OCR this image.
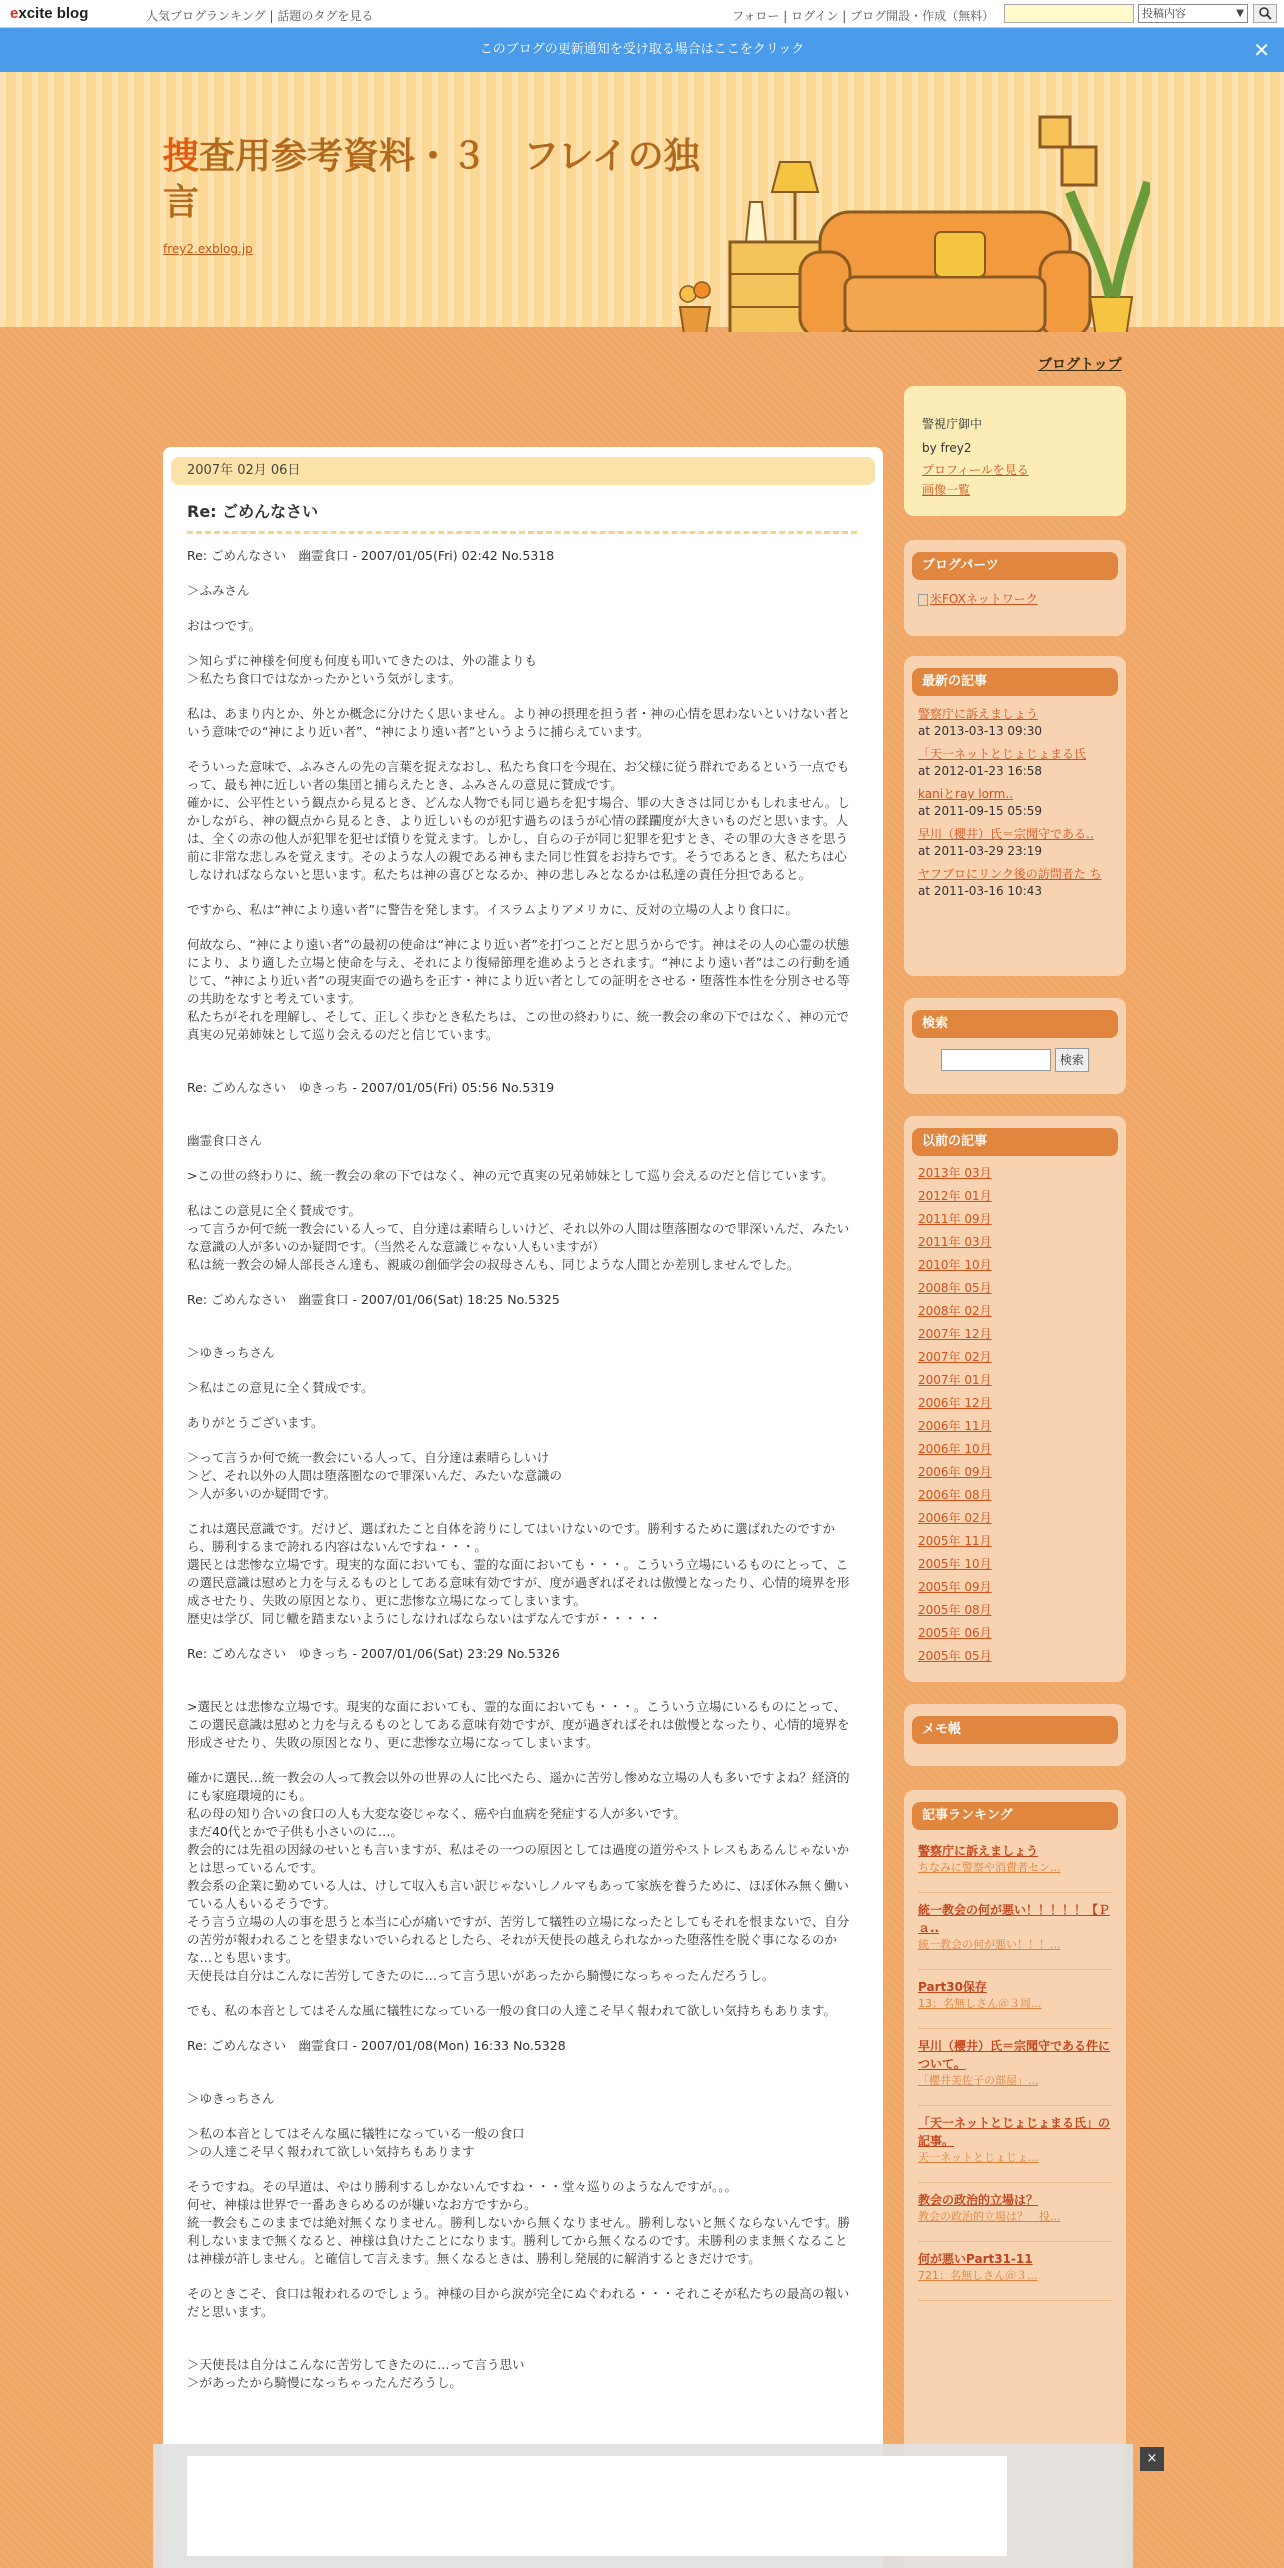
excite blog	人気ブログランキング | 話題のタグを見る	フォロー | ログイン | ブログ開設・作成（無料）	投稿内容	▼
このブログの更新通知を受け取る場合はここをクリック	✕
捜査用参考資料・３　フレイの独言
frey2.exblog.jp
ブログトップ
2007年 02月 06日
Re: ごめんなさい

Re: ごめんなさい　幽霊食口 - 2007/01/05(Fri) 02:42 No.5318

＞ふみさん

おはつです。

＞知らずに神様を何度も何度も叩いてきたのは、外の誰よりも
＞私たち食口ではなかったかという気がします。

私は、あまり内とか、外とか概念に分けたく思いません。より神の摂理を担う者・神の心情を思わないといけない者という意味での“神により近い者”、“神により遠い者”というように捕らえています。

そういった意味で、ふみさんの先の言葉を捉えなおし、私たち食口を今現在、お父様に従う群れであるという一点でもって、最も神に近しい者の集団と捕らえたとき、ふみさんの意見に賛成です。
確かに、公平性という観点から見るとき、どんな人物でも同じ過ちを犯す場合、罪の大きさは同じかもしれません。しかしながら、神の観点から見るとき、より近しいものが犯す過ちのほうが心情の蹂躙度が大きいものだと思います。人は、全くの赤の他人が犯罪を犯せば憤りを覚えます。しかし、自らの子が同じ犯罪を犯すとき、その罪の大きさを思う前に非常な悲しみを覚えます。そのような人の親である神もまた同じ性質をお持ちです。そうであるとき、私たちは心しなければならないと思います。私たちは神の喜びとなるか、神の悲しみとなるかは私達の責任分担であると。

ですから、私は“神により遠い者”に警告を発します。イスラムよりアメリカに、反対の立場の人より食口に。

何故なら、“神により遠い者”の最初の使命は“神により近い者”を打つことだと思うからです。神はその人の心霊の状態により、より適した立場と使命を与え、それにより復帰節理を進めようとされます。“神により遠い者”はこの行動を通じて、“神により近い者”の現実面での過ちを正す・神により近い者としての証明をさせる・堕落性本性を分別させる等の共助をなすと考えています。
私たちがそれを理解し、そして、正しく歩むとき私たちは、この世の終わりに、統一教会の傘の下ではなく、神の元で真実の兄弟姉妹として巡り会えるのだと信じています。

Re: ごめんなさい　ゆきっち - 2007/01/05(Fri) 05:56 No.5319

幽霊食口さん

>この世の終わりに、統一教会の傘の下ではなく、神の元で真実の兄弟姉妹として巡り会えるのだと信じています。

私はこの意見に全く賛成です。
って言うか何で統一教会にいる人って、自分達は素晴らしいけど、それ以外の人間は堕落圏なので罪深いんだ、みたいな意識の人が多いのか疑問です。（当然そんな意識じゃない人もいますが）
私は統一教会の婦人部長さん達も、親戚の創価学会の叔母さんも、同じような人間とか差別しませんでした。

Re: ごめんなさい　幽霊食口 - 2007/01/06(Sat) 18:25 No.5325

＞ゆきっちさん

＞私はこの意見に全く賛成です。

ありがとうございます。

＞って言うか何で統一教会にいる人って、自分達は素晴らしいけ
＞ど、それ以外の人間は堕落圏なので罪深いんだ、みたいな意識の
＞人が多いのか疑問です。

これは選民意識です。だけど、選ばれたこと自体を誇りにしてはいけないのです。勝利するために選ばれたのですから、勝利するまで誇れる内容はないんですね・・・。
選民とは悲惨な立場です。現実的な面においても、霊的な面においても・・・。こういう立場にいるものにとって、この選民意識は慰めと力を与えるものとしてある意味有効ですが、度が過ぎればそれは傲慢となったり、心情的境界を形成させたり、失敗の原因となり、更に悲惨な立場になってしまいます。
歴史は学び、同じ轍を踏まないようにしなければならないはずなんですが・・・・・

Re: ごめんなさい　ゆきっち - 2007/01/06(Sat) 23:29 No.5326

>選民とは悲惨な立場です。現実的な面においても、霊的な面においても・・・。こういう立場にいるものにとって、この選民意識は慰めと力を与えるものとしてある意味有効ですが、度が過ぎればそれは傲慢となったり、心情的境界を形成させたり、失敗の原因となり、更に悲惨な立場になってしまいます。

確かに選民…統一教会の人って教会以外の世界の人に比べたら、遥かに苦労し惨めな立場の人も多いですよね？経済的にも家庭環境的にも。
私の母の知り合いの食口の人も大変な姿じゃなく、癌や白血病を発症する人が多いです。
まだ40代とかで子供も小さいのに…。
教会的には先祖の因縁のせいとも言いますが、私はその一つの原因としては過度の道労やストレスもあるんじゃないかとは思っているんです。
教会系の企業に勤めている人は、けして収入も言い訳じゃないしノルマもあって家族を養うために、ほぼ休み無く働いている人もいるそうです。
そう言う立場の人の事を思うと本当に心が痛いですが、苦労して犠牲の立場になったとしてもそれを恨まないで、自分の苦労が報われることを望まないでいられるとしたら、それが天使長の越えられなかった堕落性を脱ぐ事になるのかな…とも思います。
天使長は自分はこんなに苦労してきたのに…って言う思いがあったから騎慢になっちゃったんだろうし。

でも、私の本音としてはそんな風に犠牲になっている一般の食口の人達こそ早く報われて欲しい気持ちもあります。

Re: ごめんなさい　幽霊食口 - 2007/01/08(Mon) 16:33 No.5328

＞ゆきっちさん

＞私の本音としてはそんな風に犠牲になっている一般の食口
＞の人達こそ早く報われて欲しい気持ちもあります

そうですね。その早道は、やはり勝利するしかないんですね・・・堂々巡りのようなんですが。。。
何せ、神様は世界で一番あきらめるのが嫌いなお方ですから。
統一教会もこのままでは絶対無くなりません。勝利しないから無くなりません。勝利しないと無くならないんです。勝利しないままで無くなると、神様は負けたことになります。勝利してから無くなるのです。未勝利のまま無くなることは神様が許しません。と確信して言えます。無くなるときは、勝利し発展的に解消するときだけです。

そのときこそ、食口は報われるのでしょう。神様の目から涙が完全にぬぐわれる・・・それこそが私たちの最高の報いだと思います。

＞天使長は自分はこんなに苦労してきたのに…って言う思い
＞があったから騎慢になっちゃったんだろうし。

警視庁御中
by frey2
プロフィールを見る
画像一覧
ブログパーツ
米FOXネットワーク
最新の記事
警察庁に訴えましょう
at 2013-03-13 09:30
「天一ネットとじょじょまる氏
at 2012-01-23 16:58
kaniとray lorm..
at 2011-09-15 05:59
早川（櫻井）氏＝宗聞守である..
at 2011-03-29 23:19
ヤフブロにリンク後の訪問者た ち
at 2011-03-16 10:43
検索
検索
以前の記事
2013年 03月
2012年 01月
2011年 09月
2011年 03月
2010年 10月
2008年 05月
2008年 02月
2007年 12月
2007年 02月
2007年 01月
2006年 12月
2006年 11月
2006年 10月
2006年 09月
2006年 08月
2006年 02月
2005年 11月
2005年 10月
2005年 09月
2005年 08月
2005年 06月
2005年 05月
メモ帳
記事ランキング
警察庁に訴えましょう
ちなみに警察や消費者セン...
統一教会の何が悪い！！！！！【Ｐａ..
統一教会の何が悪い！！！...
Part30保存
13：名無しさん＠３周...
早川（櫻井）氏＝宗聞守である件について。
「櫻井美佐子の部屋」...
「天一ネットとじょじょまる氏」の記事。
天一ネットとじょじょ...
教会の政治的立場は？
教会の政治的立場は？　投...
何が悪いPart31-11
721：名無しさん＠３...
×
